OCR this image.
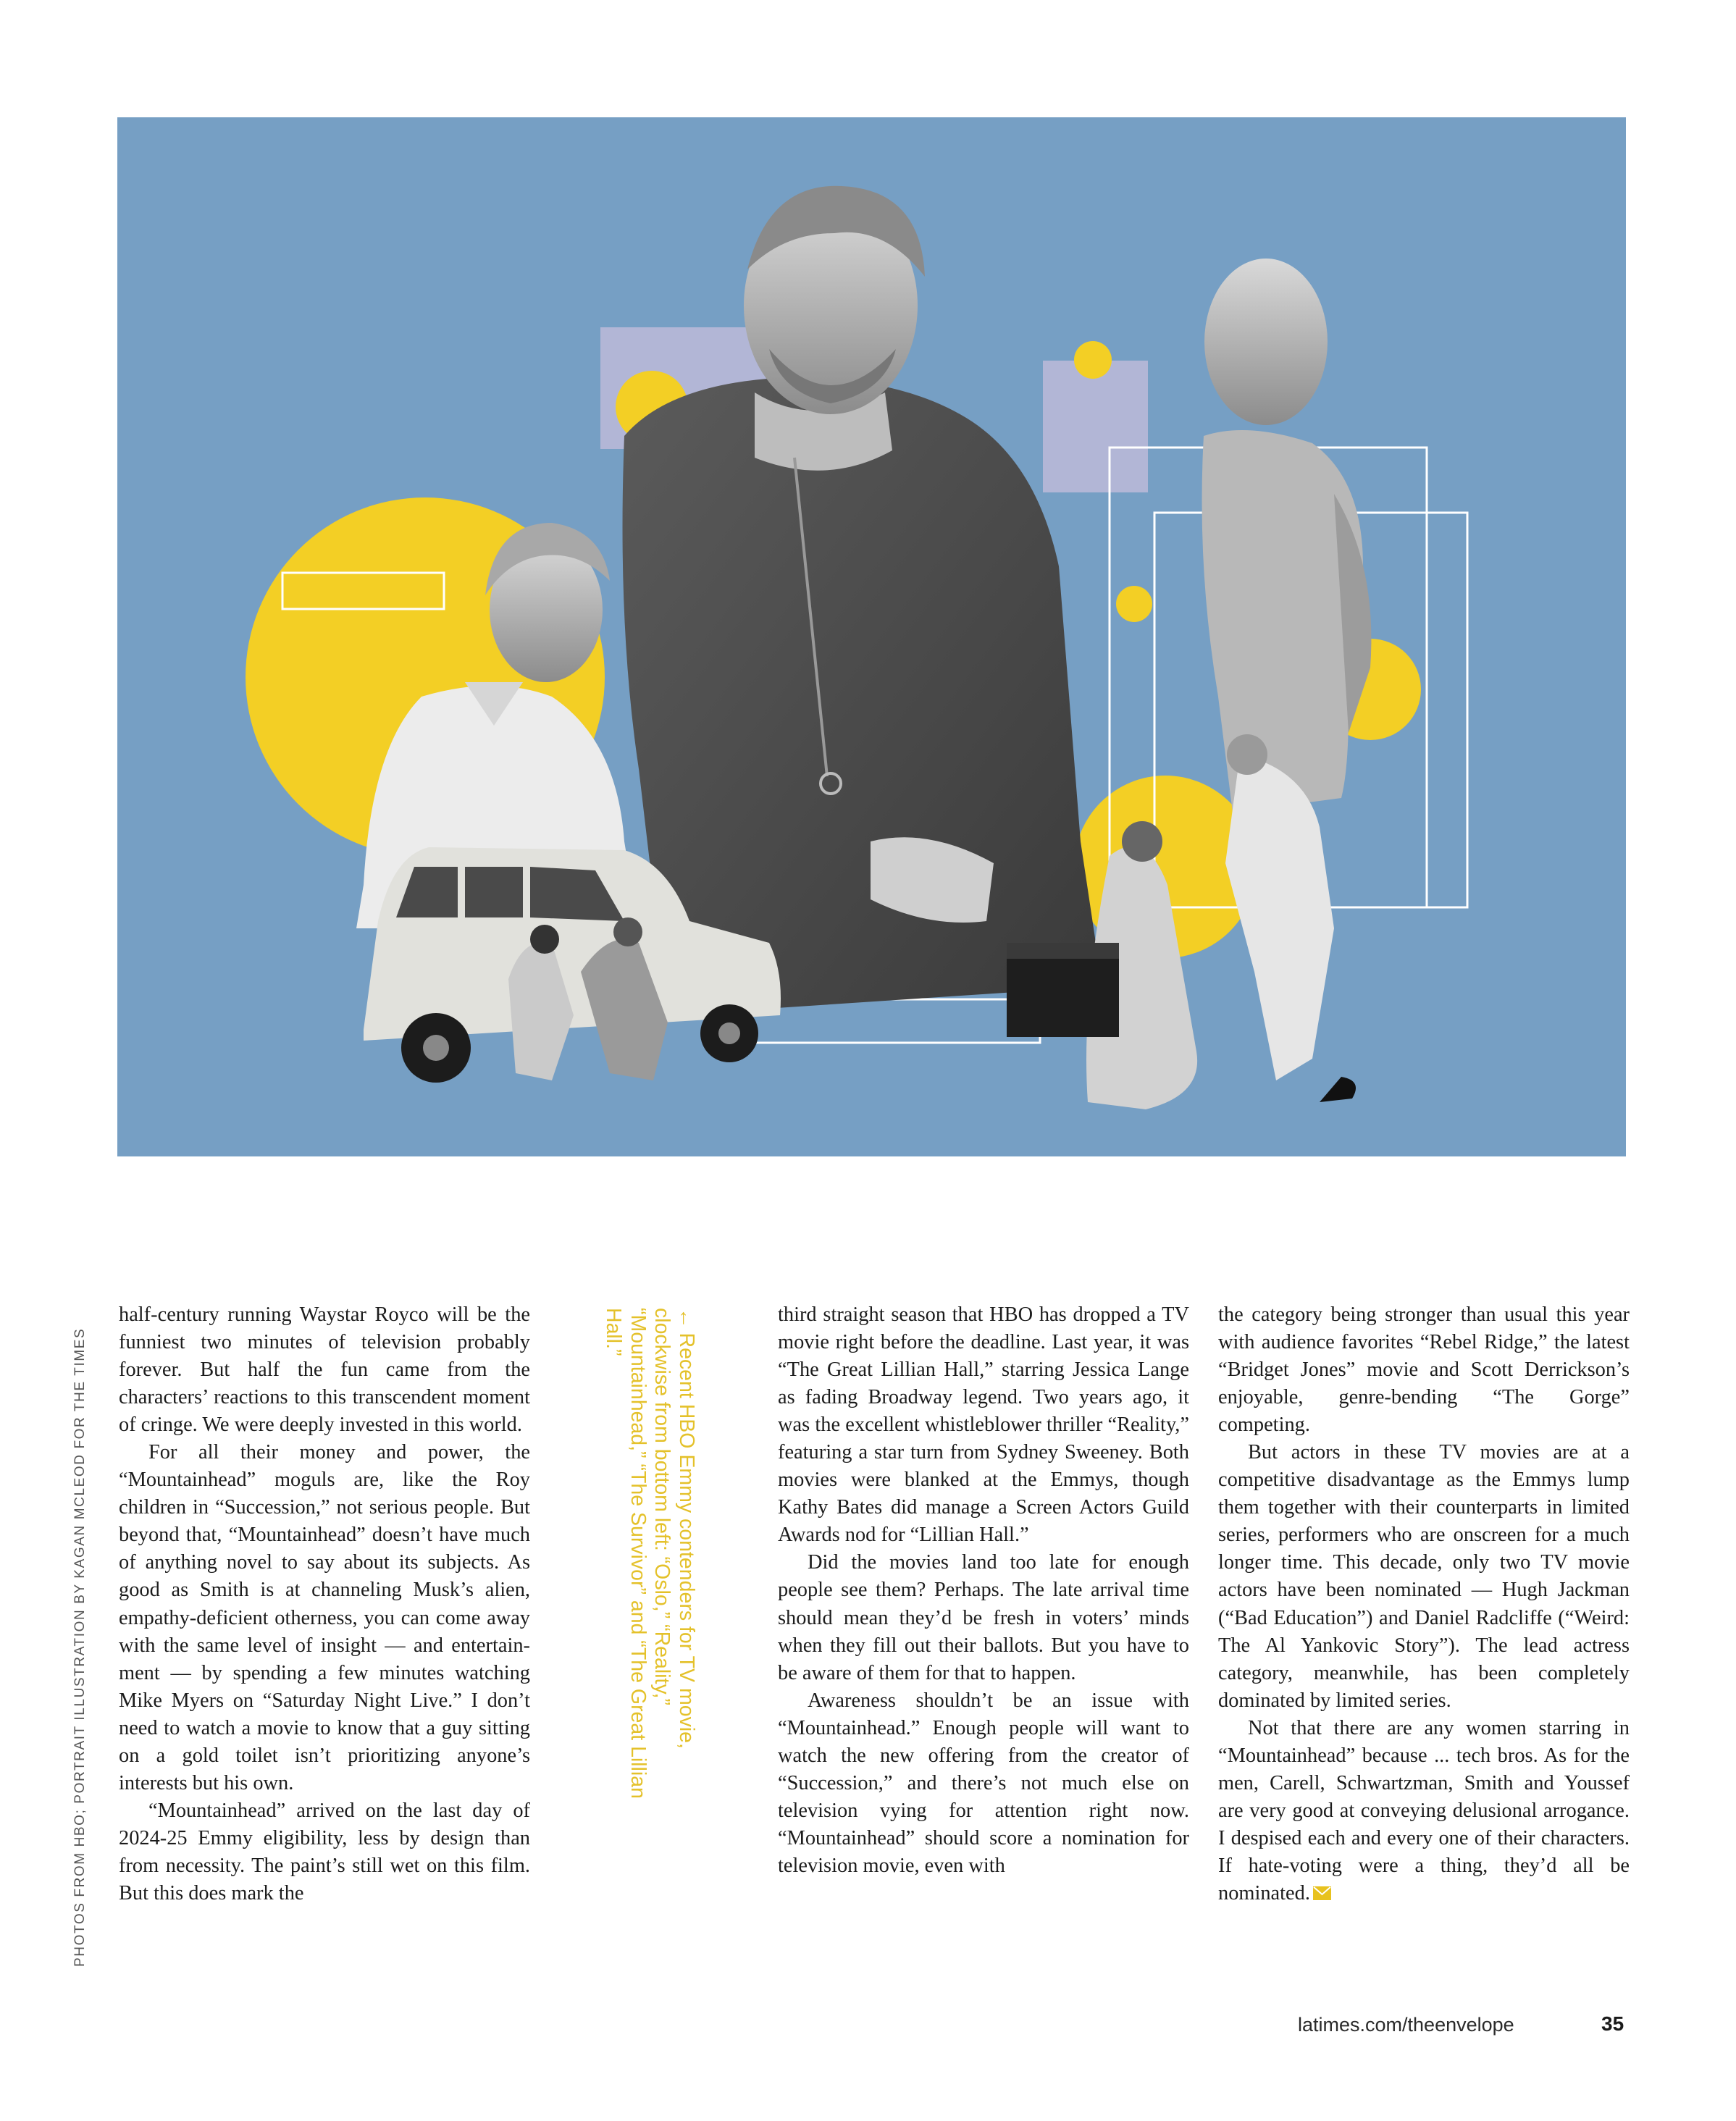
PHOTOS FROM HBO; PORTRAIT ILLUSTRATION BY KAGAN MCLEOD FOR THE TIMES

half-century running Waystar Royco will be the funniest two minutes of television probably forever. But half the fun came from the characters’ reactions to this transcendent moment of cringe. We were deeply invested in this world.

For all their money and power, the “Mountainhead” moguls are, like the Roy children in “Succession,” not serious people. But beyond that, “Mountainhead” doesn’t have much of anything novel to say about its subjects. As good as Smith is at channeling Musk’s alien, empathy-deficient otherness, you can come away with the same level of insight — and entertainment — by spending a few minutes watching Mike Myers on “Saturday Night Live.” I don’t need to watch a movie to know that a guy sitting on a gold toilet isn’t prioritizing anyone’s interests but his own.

“Mountainhead” arrived on the last day of 2024-25 Emmy eligibility, less by design than from necessity. The paint’s still wet on this film. But this does mark the

←Recent HBO Emmy contenders for TV movie, clockwise from bottom left: “Oslo,” “Reality,” “Mountainhead,” “The Survivor” and “The Great Lillian Hall.”	third straight season that HBO has dropped a TV movie right before the deadline. Last year, it was “The Great Lillian Hall,” starring Jessica Lange as fading Broadway legend. Two years ago, it was the excellent whistleblower thriller “Reality,” featuring a star turn from Sydney Sweeney. Both movies were blanked at the Emmys, though Kathy Bates did manage a Screen Actors Guild Awards nod for “Lillian Hall.”

Did the movies land too late for enough people see them? Perhaps. The late arrival time should mean they’d be fresh in voters’ minds when they fill out their ballots. But you have to be aware of them for that to happen.

Awareness shouldn’t be an issue with “Mountainhead.” Enough people will want to watch the new offering from the creator of “Succession,” and there’s not much else on television vying for attention right now. “Mountainhead” should score a nomination for television movie, even with

the category being stronger than usual this year with audience favorites “Rebel Ridge,” the latest “Bridget Jones” movie and Scott Derrickson’s enjoyable, genre-bending “The Gorge” competing.

But actors in these TV movies are at a competitive disadvantage as the Emmys lump them together with their counterparts in limited series, performers who are onscreen for a much longer time. This decade, only two TV movie actors have been nominated — Hugh Jackman (“Bad Education”) and Daniel Radcliffe (“Weird: The Al Yankovic Story”). The lead actress category, meanwhile, has been completely dominated by limited series.

Not that there are any women starring in “Mountainhead” because ... tech bros. As for the men, Carell, Schwartzman, Smith and Youssef are very good at conveying delusional arrogance. I despised each and every one of their characters. If hate-voting were a thing, they’d all be nominated.

latimes.com/theenvelope	35
